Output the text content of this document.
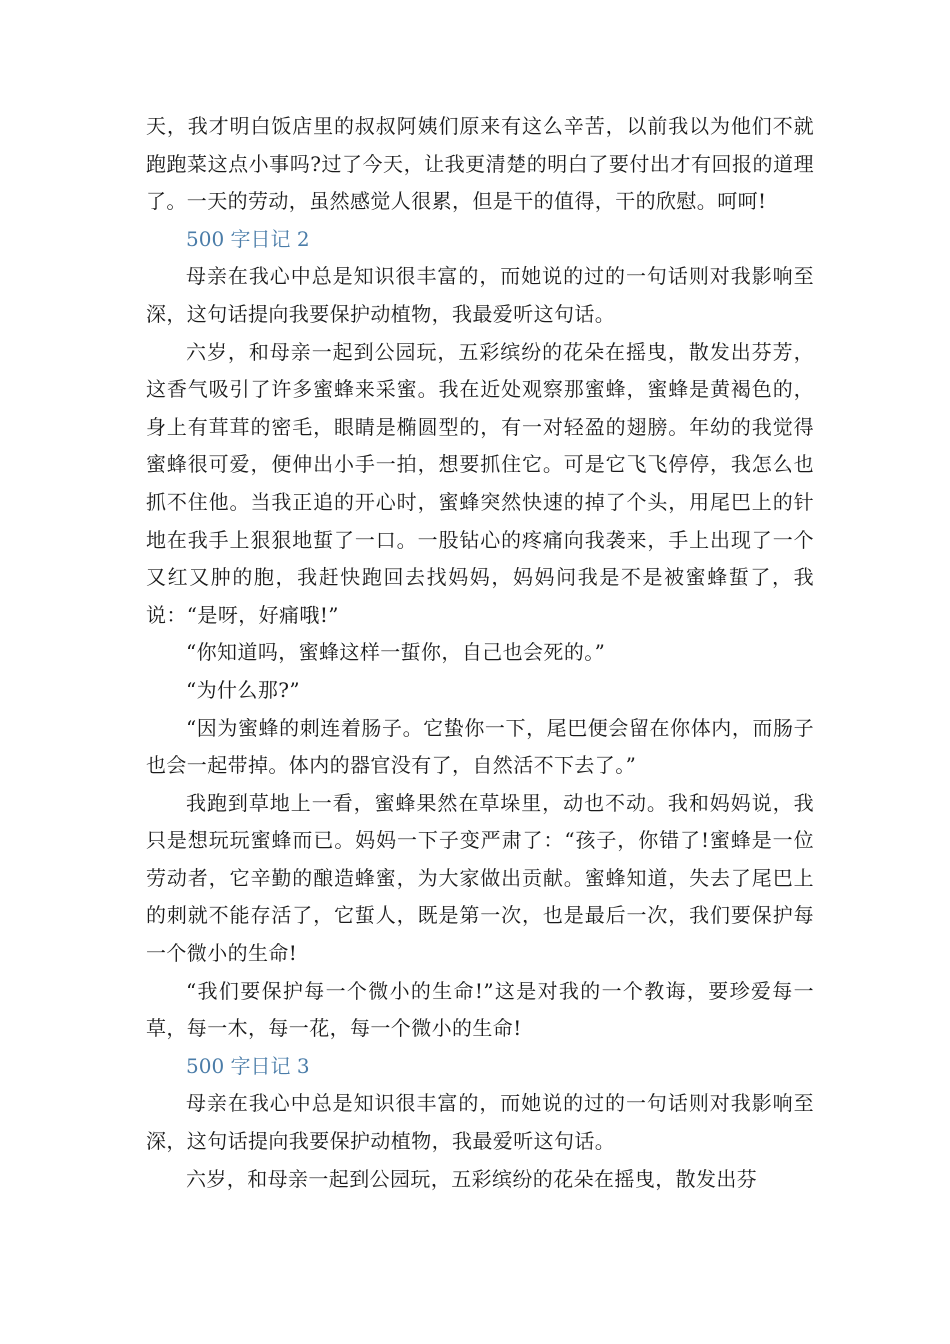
天，我才明白饭店里的叔叔阿姨们原来有这么辛苦，以前我以为他们不就跑跑菜这点小事吗?过了今天，让我更清楚的明白了要付出才有回报的道理了。一天的劳动，虽然感觉人很累，但是干的值得，干的欣慰。呵呵!

500 字日记 2

母亲在我心中总是知识很丰富的，而她说的过的一句话则对我影响至深，这句话提向我要保护动植物，我最爱听这句话。

六岁，和母亲一起到公园玩，五彩缤纷的花朵在摇曳，散发出芬芳，这香气吸引了许多蜜蜂来采蜜。我在近处观察那蜜蜂，蜜蜂是黄褐色的，身上有茸茸的密毛，眼睛是椭圆型的，有一对轻盈的翅膀。年幼的我觉得蜜蜂很可爱，便伸出小手一拍，想要抓住它。可是它飞飞停停，我怎么也抓不住他。当我正追的开心时，蜜蜂突然快速的掉了个头，用尾巴上的针地在我手上狠狠地蜇了一口。一股钻心的疼痛向我袭来，手上出现了一个又红又肿的胞，我赶快跑回去找妈妈，妈妈问我是不是被蜜蜂蜇了，我说：“是呀，好痛哦!”

“你知道吗，蜜蜂这样一蜇你，自己也会死的。”

“为什么那?”

“因为蜜蜂的刺连着肠子。它蛰你一下，尾巴便会留在你体内，而肠子也会一起带掉。体内的器官没有了，自然活不下去了。”

我跑到草地上一看，蜜蜂果然在草垛里，动也不动。我和妈妈说，我只是想玩玩蜜蜂而已。妈妈一下子变严肃了：“孩子，你错了!蜜蜂是一位劳动者，它辛勤的酿造蜂蜜，为大家做出贡献。蜜蜂知道，失去了尾巴上的刺就不能存活了，它蜇人，既是第一次，也是最后一次，我们要保护每一个微小的生命!

“我们要保护每一个微小的生命!”这是对我的一个教诲，要珍爱每一草，每一木，每一花，每一个微小的生命!

500 字日记 3

母亲在我心中总是知识很丰富的，而她说的过的一句话则对我影响至深，这句话提向我要保护动植物，我最爱听这句话。

六岁，和母亲一起到公园玩，五彩缤纷的花朵在摇曳，散发出芬
